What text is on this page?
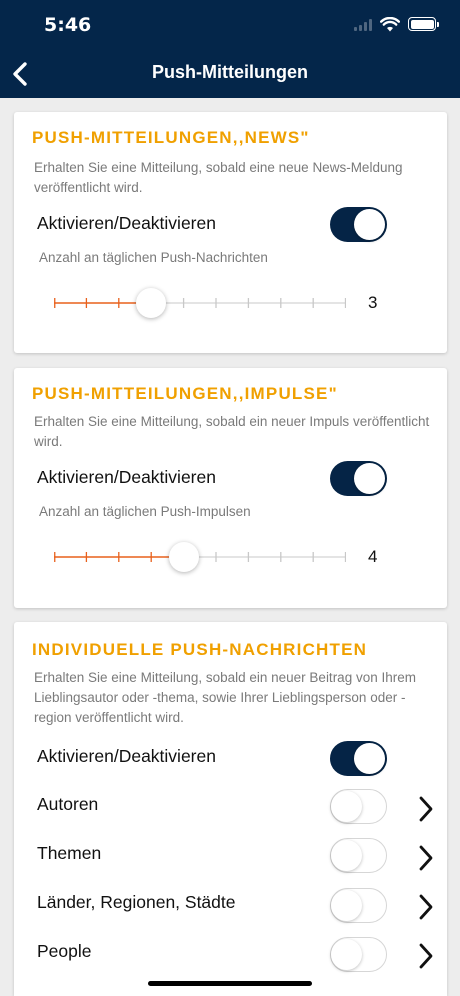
5:46
Push-Mitteilungen
PUSH-MITTEILUNGEN,,NEWS"
Erhalten Sie eine Mitteilung, sobald eine neue News-Meldung veröffentlicht wird.
Aktivieren/Deaktivieren
Anzahl an täglichen Push-Nachrichten
3
PUSH-MITTEILUNGEN,,IMPULSE"
Erhalten Sie eine Mitteilung, sobald ein neuer Impuls veröffentlicht wird.
Aktivieren/Deaktivieren
Anzahl an täglichen Push-Impulsen
4
INDIVIDUELLE PUSH-NACHRICHTEN
Erhalten Sie eine Mitteilung, sobald ein neuer Beitrag von Ihrem Lieblingsautor oder -thema, sowie Ihrer Lieblingsperson oder -region veröffentlicht wird.
Aktivieren/Deaktivieren
Autoren
Themen
Länder, Regionen, Städte
People
